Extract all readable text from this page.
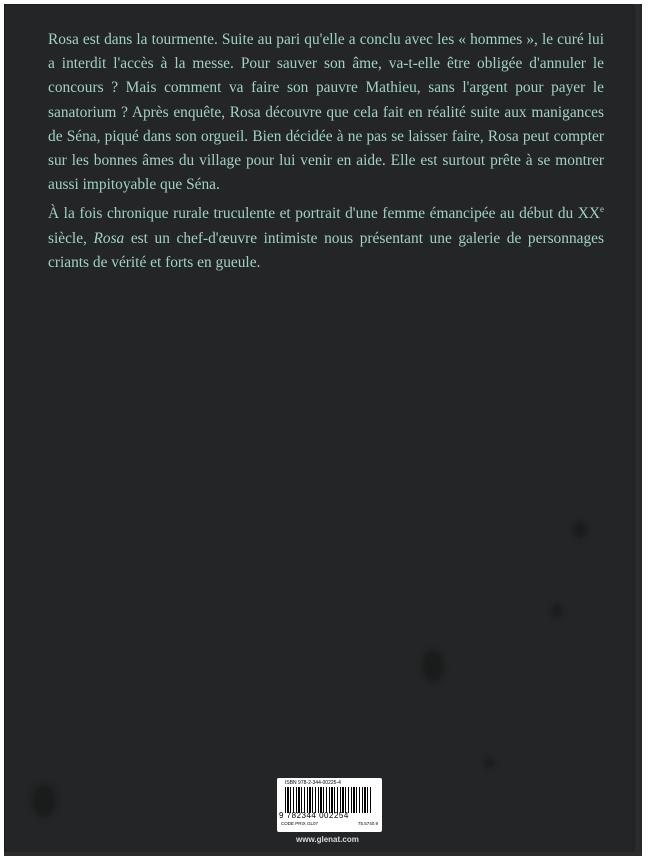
Rosa est dans la tourmente. Suite au pari qu'elle a conclu avec les « hommes », le curé lui a interdit l'accès à la messe. Pour sauver son âme, va-t-elle être obligée d'annuler le concours ? Mais comment va faire son pauvre Mathieu, sans l'argent pour payer le sanatorium ? Après enquête, Rosa découvre que cela fait en réalité suite aux manigances de Séna, piqué dans son orgueil. Bien décidée à ne pas se laisser faire, Rosa peut compter sur les bonnes âmes du village pour lui venir en aide. Elle est surtout prête à se montrer aussi impitoyable que Séna.

À la fois chronique rurale truculente et portrait d'une femme émancipée au début du XXe siècle, Rosa est un chef-d'œuvre intimiste nous présentant une galerie de personnages criants de vérité et forts en gueule.

ISBN 978-2-344-00225-4
9 782344 002254
CODE PRIX GL07	75.5740.9
www.glenat.com
